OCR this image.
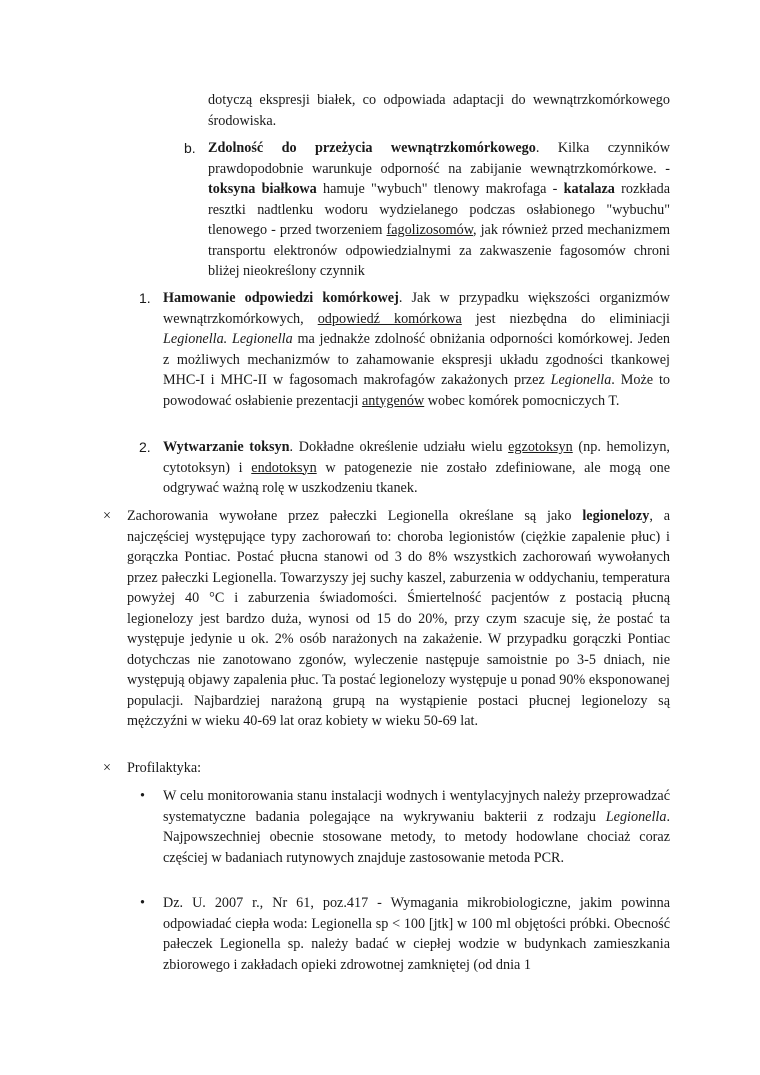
dotyczą ekspresji białek, co odpowiada adaptacji do wewnątrzkomórkowego środowiska.

b. Zdolność do przeżycia wewnątrzkomórkowego. Kilka czynników prawdopodobnie warunkuje odporność na zabijanie wewnątrzkomórkowe. - toksyna białkowa hamuje "wybuch" tlenowy makrofaga - katalaza rozkłada resztki nadtlenku wodoru wydzielanego podczas osłabionego "wybuchu" tlenowego - przed tworzeniem fagolizosomów, jak również przed mechanizmem transportu elektronów odpowiedzialnymi za zakwaszenie fagosomów chroni bliżej nieokreślony czynnik

1. Hamowanie odpowiedzi komórkowej. Jak w przypadku większości organizmów wewnątrzkomórkowych, odpowiedź komórkowa jest niezbędna do eliminiacji Legionella. Legionella ma jednakże zdolność obniżania odporności komórkowej. Jeden z możliwych mechanizmów to zahamowanie ekspresji układu zgodności tkankowej MHC-I i MHC-II w fagosomach makrofagów zakażonych przez Legionella. Może to powodować osłabienie prezentacji antygenów wobec komórek pomocniczych T.

2. Wytwarzanie toksyn. Dokładne określenie udziału wielu egzotoksyn (np. hemolizyn, cytotoksyn) i endotoksyn w patogenezie nie zostało zdefiniowane, ale mogą one odgrywać ważną rolę w uszkodzeniu tkanek.

× Zachorowania wywołane przez pałeczki Legionella określane są jako legionelozy, a najczęściej występujące typy zachorowań to: choroba legionistów (ciężkie zapalenie płuc) i gorączka Pontiac. Postać płucna stanowi od 3 do 8% wszystkich zachorowań wywołanych przez pałeczki Legionella. Towarzyszy jej suchy kaszel, zaburzenia w oddychaniu, temperatura powyżej 40 °C i zaburzenia świadomości. Śmiertelność pacjentów z postacią płucną legionelozy jest bardzo duża, wynosi od 15 do 20%, przy czym szacuje się, że postać ta występuje jedynie u ok. 2% osób narażonych na zakażenie. W przypadku gorączki Pontiac dotychczas nie zanotowano zgonów, wyleczenie następuje samoistnie po 3-5 dniach, nie występują objawy zapalenia płuc. Ta postać legionelozy występuje u ponad 90% eksponowanej populacji. Najbardziej narażoną grupą na wystąpienie postaci płucnej legionelozy są mężczyźni w wieku 40-69 lat oraz kobiety w wieku 50-69 lat.

× Profilaktyka:

• W celu monitorowania stanu instalacji wodnych i wentylacyjnych należy przeprowadzać systematyczne badania polegające na wykrywaniu bakterii z rodzaju Legionella. Najpowszechniej obecnie stosowane metody, to metody hodowlane chociaż coraz częściej w badaniach rutynowych znajduje zastosowanie metoda PCR.

• Dz. U. 2007 r., Nr 61, poz.417 - Wymagania mikrobiologiczne, jakim powinna odpowiadać ciepła woda: Legionella sp < 100 [jtk] w 100 ml objętości próbki. Obecność pałeczek Legionella sp. należy badać w ciepłej wodzie w budynkach zamieszkania zbiorowego i zakładach opieki zdrowotnej zamkniętej (od dnia 1
